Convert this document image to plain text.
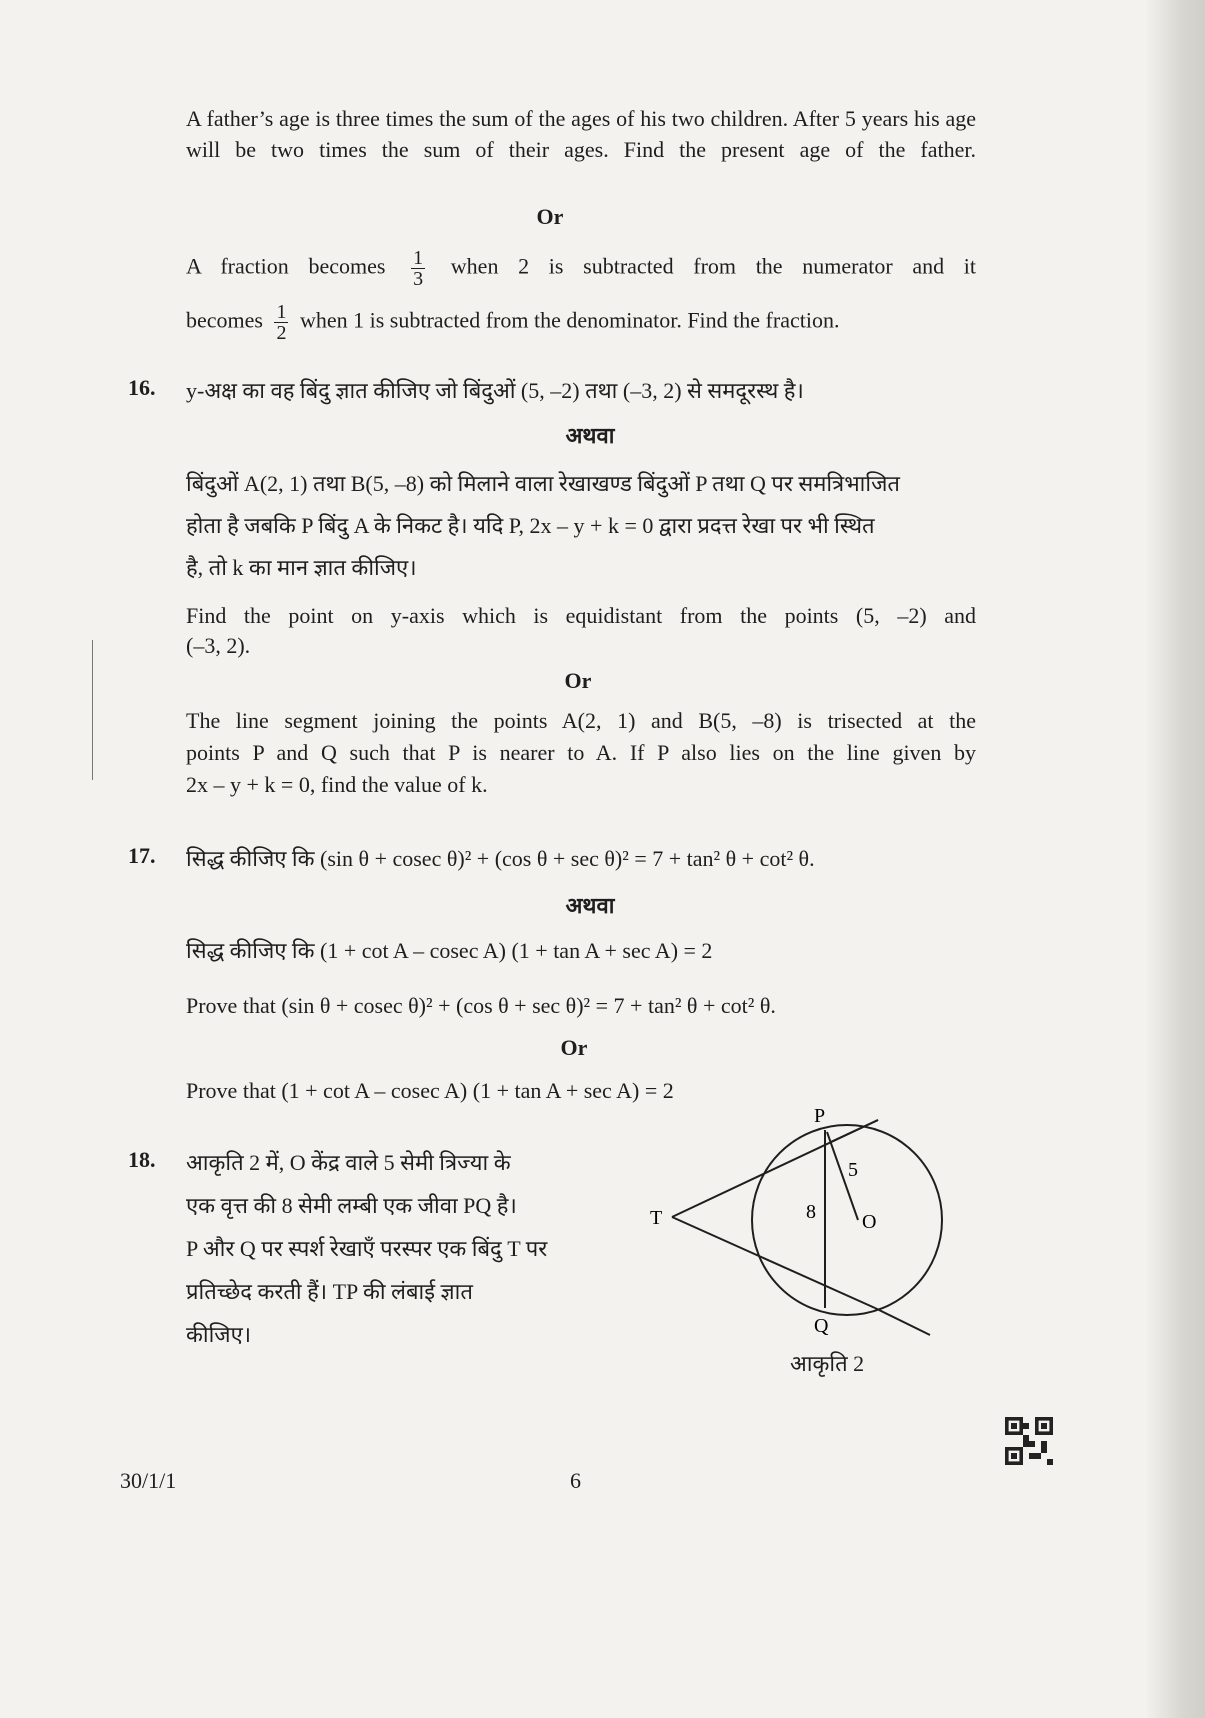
A father’s age is three times the sum of the ages of his two children. After 5 years his age will be two times the sum of their ages. Find the present age of the father.

Or

A fraction becomes $\frac{1}{3}$ when 2 is subtracted from the numerator and it

becomes $\frac{1}{2}$ when 1 is subtracted from the denominator. Find the fraction.

16. y-अक्ष का वह बिंदु ज्ञात कीजिए जो बिंदुओं (5, –2) तथा (–3, 2) से समदूरस्थ है।

अथवा

बिंदुओं A(2, 1) तथा B(5, –8) को मिलाने वाला रेखाखण्ड बिंदुओं P तथा Q पर समत्रिभाजित

होता है जबकि P बिंदु A के निकट है। यदि P, 2x – y + k = 0 द्वारा प्रदत्त रेखा पर भी स्थित

है, तो k का मान ज्ञात कीजिए।

Find the point on y-axis which is equidistant from the points (5, –2) and

(–3, 2).

Or

The line segment joining the points A(2, 1) and B(5, –8) is trisected at the

points P and Q such that P is nearer to A. If P also lies on the line given by

2x – y + k = 0, find the value of k.

17. सिद्ध कीजिए कि (sin θ + cosec θ)² + (cos θ + sec θ)² = 7 + tan² θ + cot² θ.

अथवा

सिद्ध कीजिए कि (1 + cot A – cosec A) (1 + tan A + sec A) = 2

Prove that (sin θ + cosec θ)² + (cos θ + sec θ)² = 7 + tan² θ + cot² θ.

Or

Prove that (1 + cot A – cosec A) (1 + tan A + sec A) = 2

18. आकृति 2 में, O केंद्र वाले 5 सेमी त्रिज्या के

एक वृत्त की 8 सेमी लम्बी एक जीवा PQ है।

P और Q पर स्पर्श रेखाएँ परस्पर एक बिंदु T पर

प्रतिच्छेद करती हैं। TP की लंबाई ज्ञात

कीजिए।

P
Q
T	O
5
8
आकृति 2
30/1/1	6
